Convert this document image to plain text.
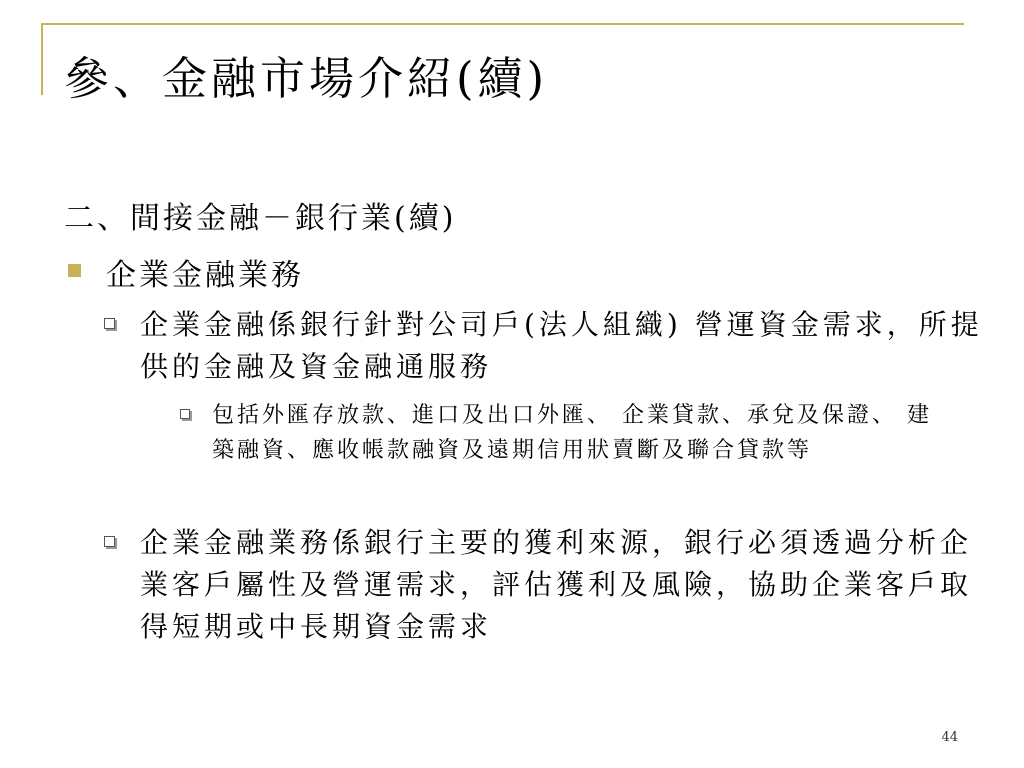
參、金融市場介紹(續)
二、間接金融－銀行業(續)
企業金融業務
企業金融係銀行針對公司戶(法人組織) 營運資金需求，所提供的金融及資金融通服務
包括外匯存放款、進口及出口外匯、 企業貸款、承兌及保證、 建築融資、應收帳款融資及遠期信用狀賣斷及聯合貸款等
企業金融業務係銀行主要的獲利來源，銀行必須透過分析企業客戶屬性及營運需求，評估獲利及風險，協助企業客戶取得短期或中長期資金需求
44
